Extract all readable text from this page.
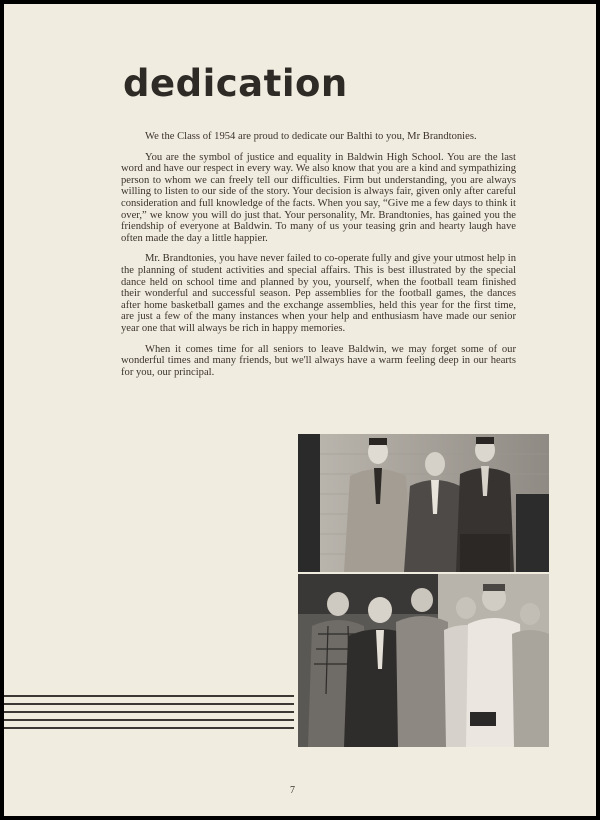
dedication

We the Class of 1954 are proud to dedicate our Balthi to you, Mr Brandtonies.

You are the symbol of justice and equality in Baldwin High School. You are the last word and have our respect in every way. We also know that you are a kind and sympathizing person to whom we can freely tell our difficulties. Firm but understanding, you are always willing to listen to our side of the story. Your decision is always fair, given only after careful consideration and full knowledge of the facts. When you say, “Give me a few days to think it over,” we know you will do just that. Your personality, Mr. Brandtonies, has gained you the friendship of everyone at Baldwin. To many of us your teasing grin and hearty laugh have often made the day a little happier.

Mr. Brandtonies, you have never failed to co-operate fully and give your utmost help in the planning of student activities and special affairs. This is best illustrated by the special dance held on school time and planned by you, yourself, when the football team finished their wonderful and successful season. Pep assemblies for the football games, the dances after home basketball games and the exchange assemblies, held this year for the first time, are just a few of the many instances when your help and enthusiasm have made our senior year one that will always be rich in happy memories.

When it comes time for all seniors to leave Baldwin, we may forget some of our wonderful times and many friends, but we'll always have a warm feeling deep in our hearts for you, our principal.

7
